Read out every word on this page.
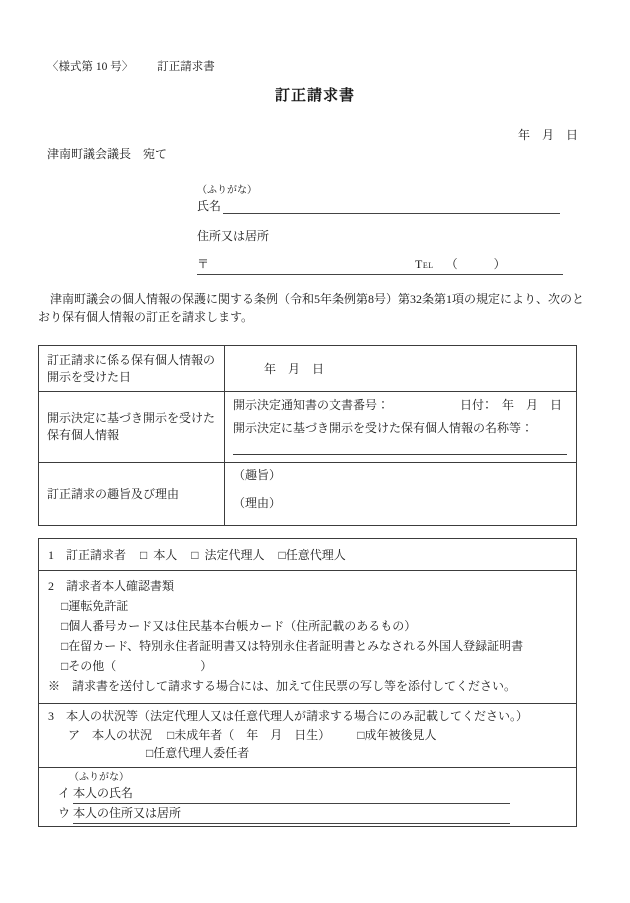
〈様式第 10 号〉 訂正請求書
訂正請求書
年　月　日
津南町議会議長　宛て
（ふりがな）
氏名
住所又は居所
〒	Tel （　　　）
　津南町議会の個人情報の保護に関する条例（令和5年条例第8号）第32条第1項の規定により、次のと
おり保有個人情報の訂正を請求します。
訂正請求に係る保有個人情報の開示を受けた日	年　月　日

開示決定に基づき開示を受けた保有個人情報	開示決定通知書の文書番号： 日付：　年　月　日
開示決定に基づき開示を受けた保有個人情報の名称等：

訂正請求の趣旨及び理由	（趣旨）
（理由）
1　訂正請求者 □ 本人 □ 法定代理人 □任意代理人
2　請求者本人確認書類
□運転免許証
□個人番号カード又は住民基本台帳カード（住所記載のあるもの）
□在留カード、特別永住者証明書又は特別永住者証明書とみなされる外国人登録証明書
□その他（　　　　　　　）
※　請求書を送付して請求する場合には、加えて住民票の写し等を添付してください。
3　本人の状況等（法定代理人又は任意代理人が請求する場合にのみ記載してください。）
ア　本人の状況 □未成年者（　年　月　日生） □成年被後見人
□任意代理人委任者
（ふりがな）
イ 本人の氏名
ウ 本人の住所又は居所
